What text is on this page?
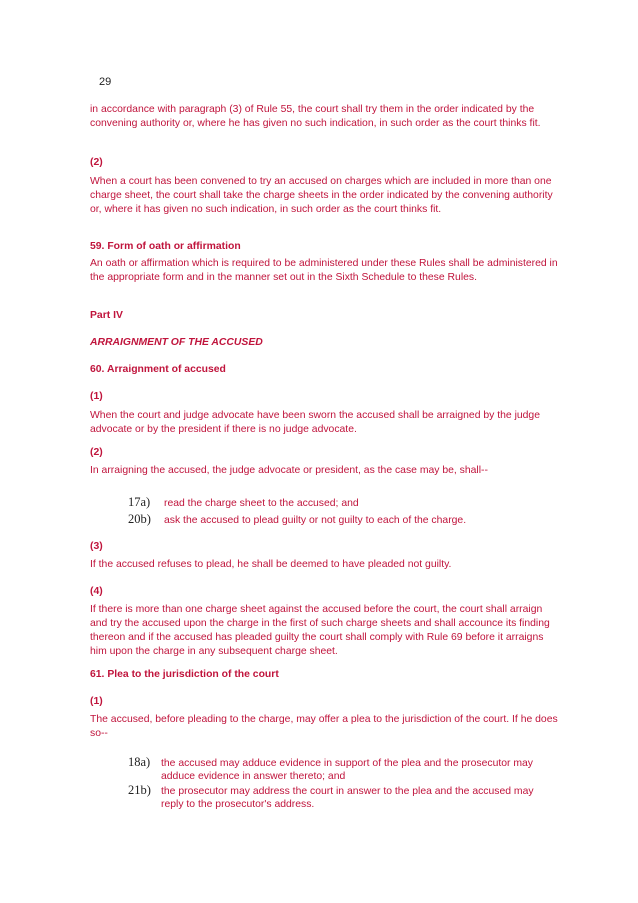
29
in accordance with paragraph (3) of Rule 55, the court shall try them in the order indicated by the convening authority or, where he has given no such indication, in such order as the court thinks fit.
(2)
When a court has been convened to try an accused on charges which are included in more than one charge sheet, the court shall take the charge sheets in the order indicated by the convening authority or, where it has given no such indication, in such order as the court thinks fit.
59. Form of oath or affirmation
An oath or affirmation which is required to be administered under these Rules shall be administered in the appropriate form and in the manner set out in the Sixth Schedule to these Rules.
Part IV
ARRAIGNMENT OF THE ACCUSED
60. Arraignment of accused
(1)
When the court and judge advocate have been sworn the accused shall be arraigned by the judge advocate or by the president if there is no judge advocate.
(2)
In arraigning the accused, the judge advocate or president, as the case may be, shall--
17a) read the charge sheet to the accused; and
20b) ask the accused to plead guilty or not guilty to each of the charge.
(3)
If the accused refuses to plead, he shall be deemed to have pleaded not guilty.
(4)
If there is more than one charge sheet against the accused before the court, the court shall arraign and try the accused upon the charge in the first of such charge sheets and shall accounce its finding thereon and if the accused has pleaded guilty the court shall comply with Rule 69 before it arraigns him upon the charge in any subsequent charge sheet.
61. Plea to the jurisdiction of the court
(1)
The accused, before pleading to the charge, may offer a plea to the jurisdiction of the court. If he does so--
18a) the accused may adduce evidence in support of the plea and the prosecutor may adduce evidence in answer thereto; and
21b) the prosecutor may address the court in answer to the plea and the accused may reply to the prosecutor's address.
